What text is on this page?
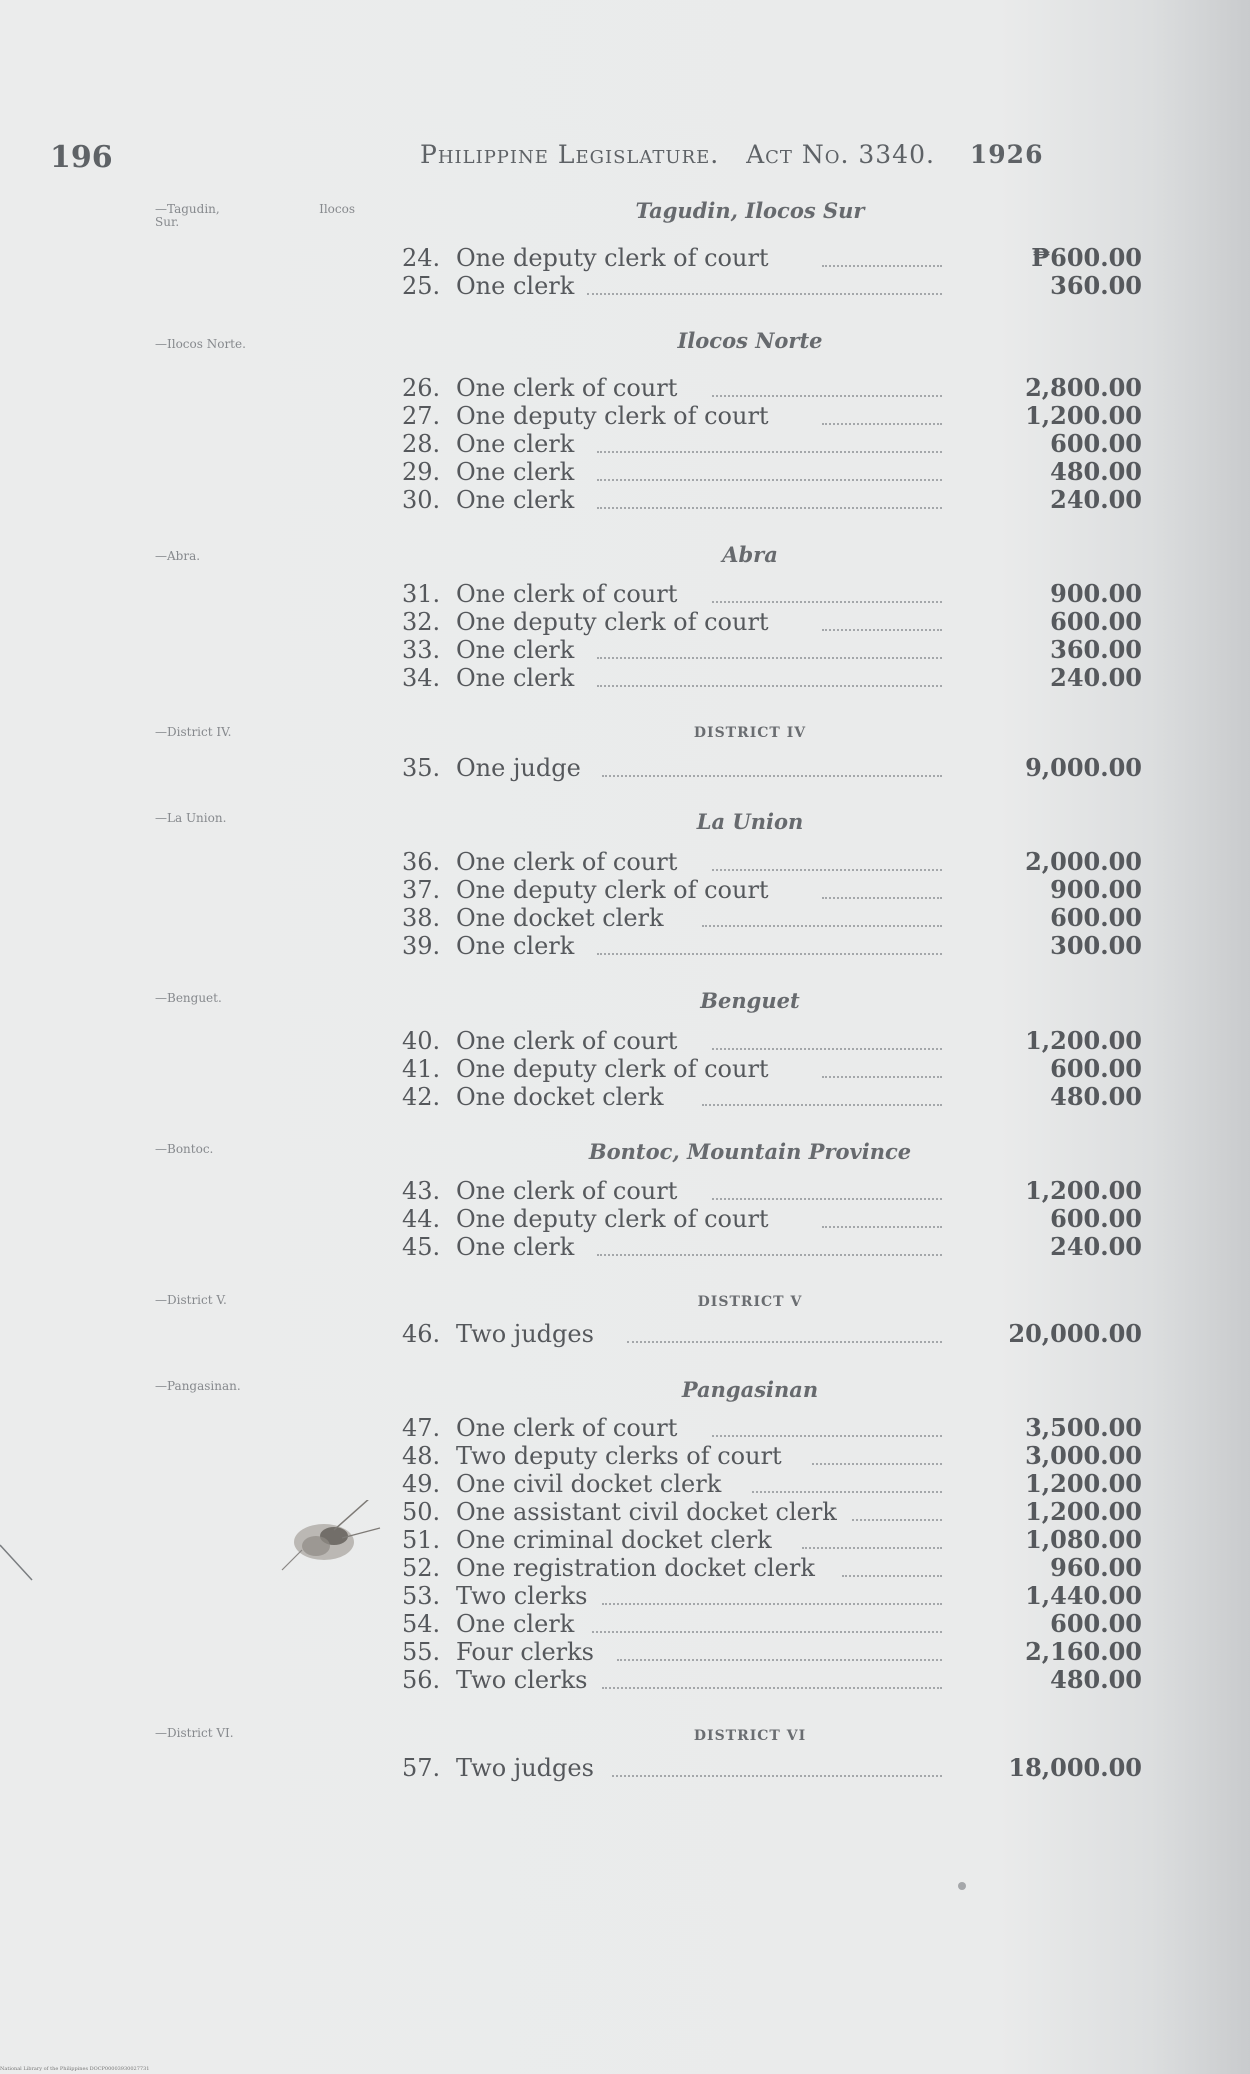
196	Philippine Legislature. Act No. 3340. 1926
—Tagudin,	Ilocos
Sur.	Tagudin, Ilocos Sur
24. One deputy clerk of court	₱600.00
25. One clerk	360.00
—Ilocos Norte.	Ilocos Norte
26. One clerk of court	2,800.00
27. One deputy clerk of court	1,200.00
28. One clerk	600.00
29. One clerk	480.00
30. One clerk	240.00
—Abra.	Abra
31. One clerk of court	900.00
32. One deputy clerk of court	600.00
33. One clerk	360.00
34. One clerk	240.00
—District IV.	DISTRICT IV
35. One judge	9,000.00
—La Union.	La Union
36. One clerk of court	2,000.00
37. One deputy clerk of court	900.00
38. One docket clerk	600.00
39. One clerk	300.00
—Benguet.	Benguet
40. One clerk of court	1,200.00
41. One deputy clerk of court	600.00
42. One docket clerk	480.00
—Bontoc.	Bontoc, Mountain Province
43. One clerk of court	1,200.00
44. One deputy clerk of court	600.00
45. One clerk	240.00
—District V.	DISTRICT V
46. Two judges	20,000.00
—Pangasinan.	Pangasinan
47. One clerk of court	3,500.00
48. Two deputy clerks of court	3,000.00
49. One civil docket clerk	1,200.00
50. One assistant civil docket clerk	1,200.00
51. One criminal docket clerk	1,080.00
52. One registration docket clerk	960.00
53. Two clerks	1,440.00
54. One clerk	600.00
55. Four clerks	2,160.00
56. Two clerks	480.00
—District VI.	DISTRICT VI
57. Two judges	18,000.00
National Library of the Philippines DOCP00003930027731
